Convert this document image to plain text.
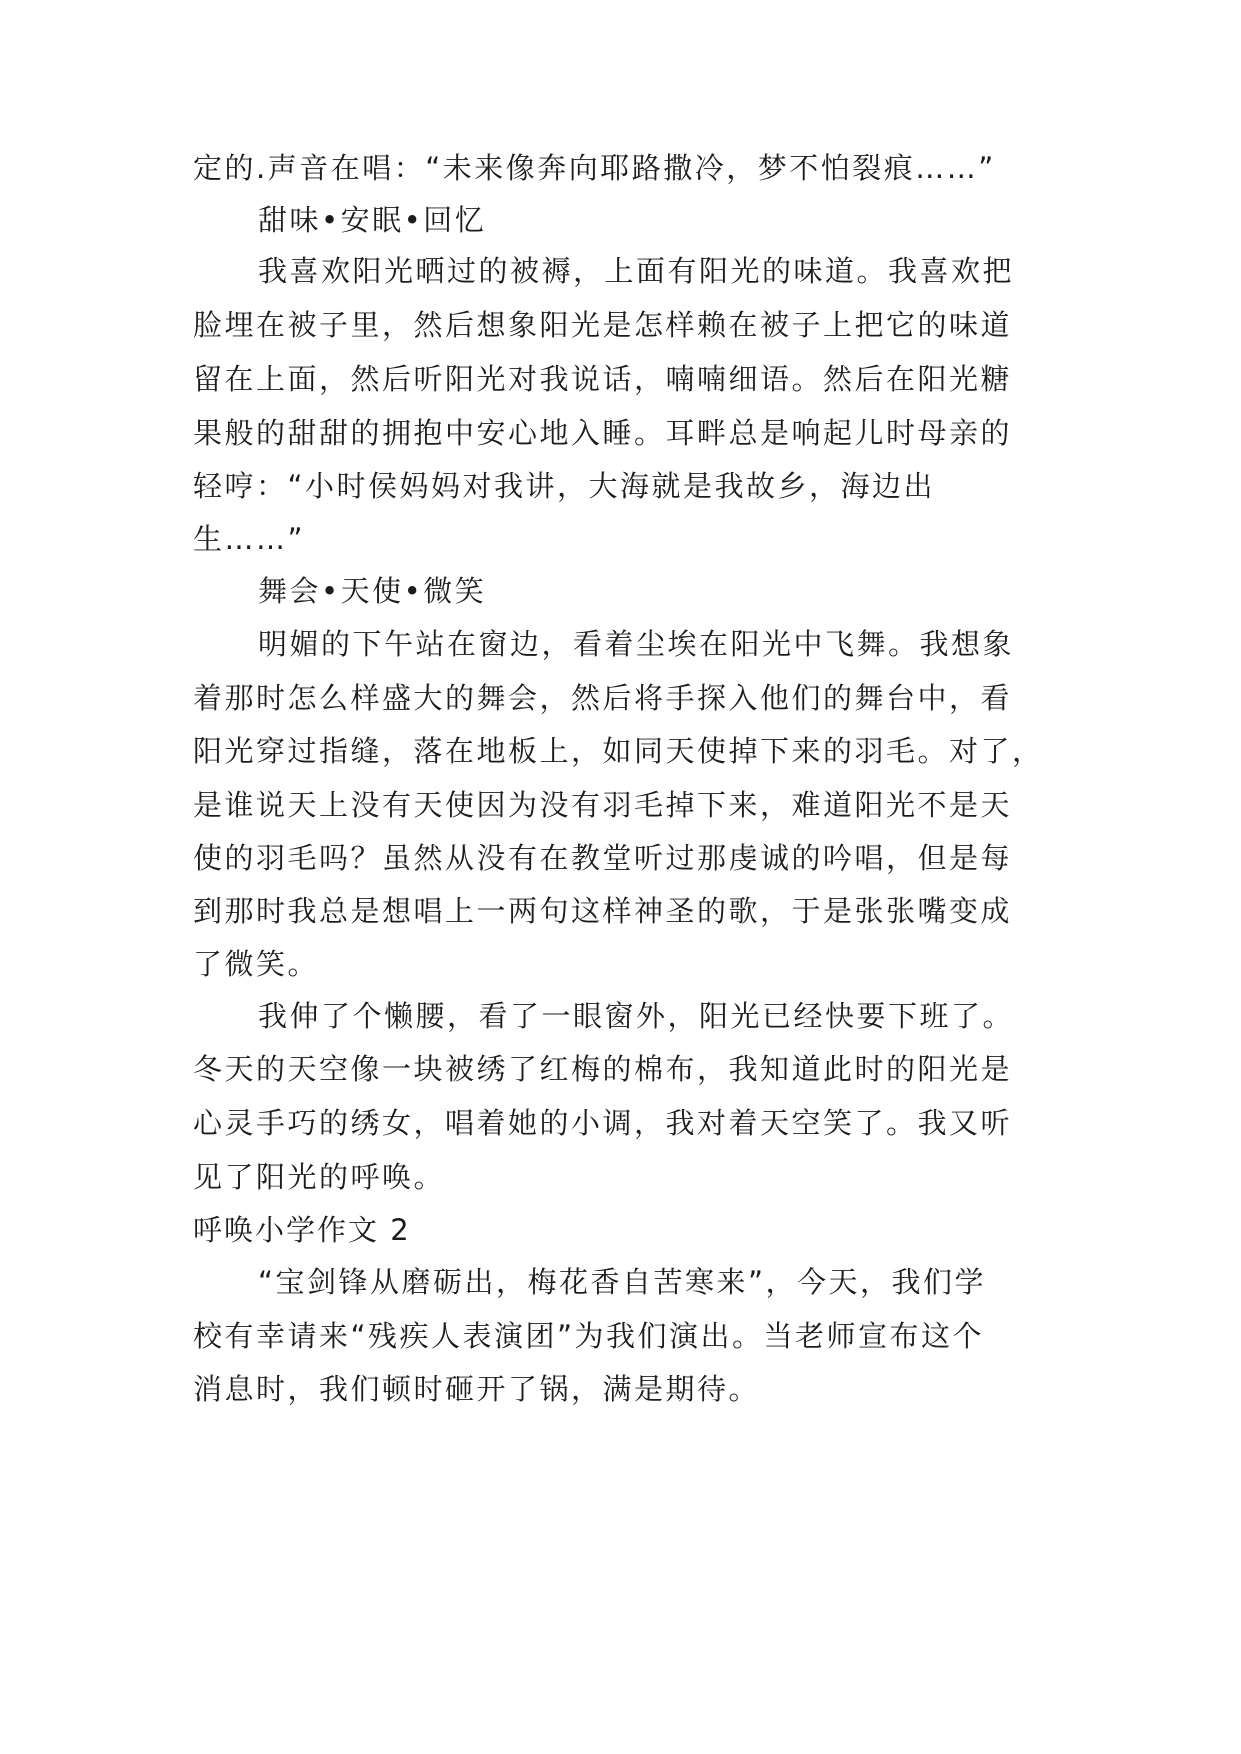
定的.声音在唱：“未来像奔向耶路撒冷，梦不怕裂痕……”
甜味•安眠•回忆
我喜欢阳光晒过的被褥，上面有阳光的味道。我喜欢把
脸埋在被子里，然后想象阳光是怎样赖在被子上把它的味道
留在上面，然后听阳光对我说话，喃喃细语。然后在阳光糖
果般的甜甜的拥抱中安心地入睡。耳畔总是响起儿时母亲的
轻哼：“小时侯妈妈对我讲，大海就是我故乡，海边出
生……”
舞会•天使•微笑
明媚的下午站在窗边，看着尘埃在阳光中飞舞。我想象
着那时怎么样盛大的舞会，然后将手探入他们的舞台中，看
阳光穿过指缝，落在地板上，如同天使掉下来的羽毛。对了，
是谁说天上没有天使因为没有羽毛掉下来，难道阳光不是天
使的羽毛吗？虽然从没有在教堂听过那虔诚的吟唱，但是每
到那时我总是想唱上一两句这样神圣的歌，于是张张嘴变成
了微笑。
我伸了个懒腰，看了一眼窗外，阳光已经快要下班了。
冬天的天空像一块被绣了红梅的棉布，我知道此时的阳光是
心灵手巧的绣女，唱着她的小调，我对着天空笑了。我又听
见了阳光的呼唤。
呼唤小学作文 2
“宝剑锋从磨砺出，梅花香自苦寒来”，今天，我们学
校有幸请来“残疾人表演团”为我们演出。当老师宣布这个
消息时，我们顿时砸开了锅，满是期待。
